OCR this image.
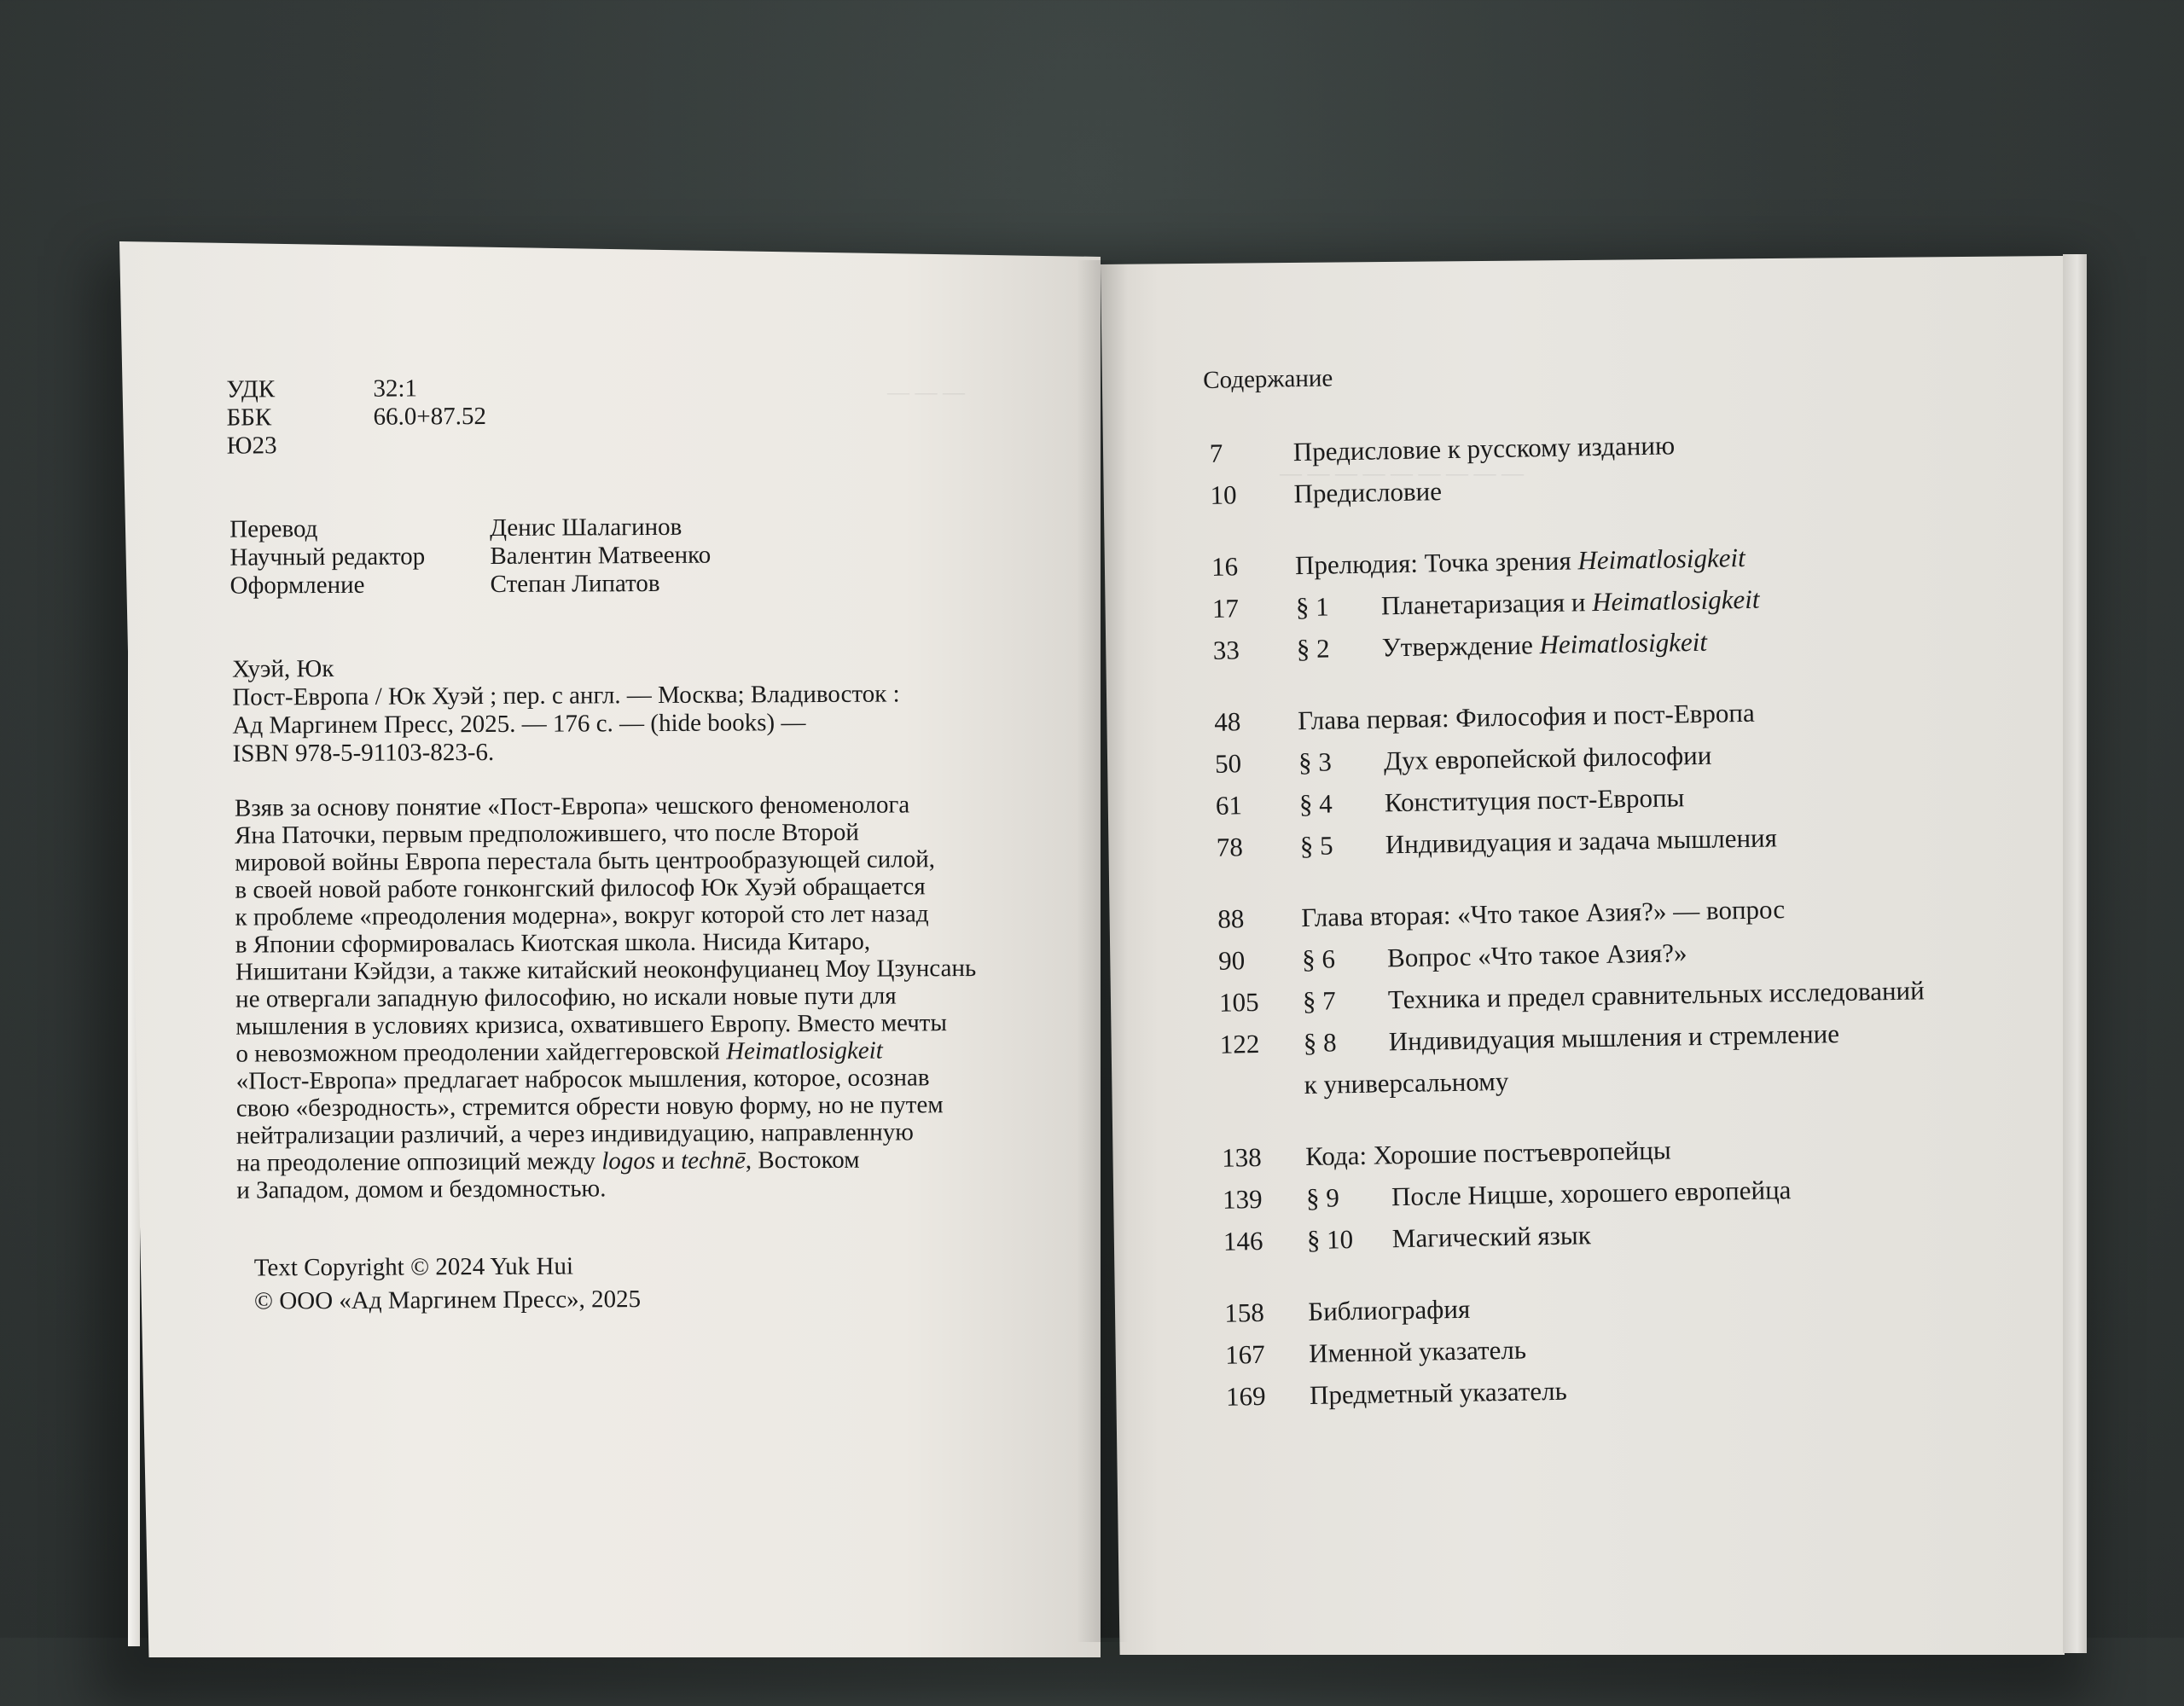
— — —
— — — — — — — — —
УДК	32:1
ББК	66.0+87.52
Ю23
Перевод	Денис Шалагинов
Научный редактор	Валентин Матвеенко
Оформление	Степан Липатов
Хуэй, Юк
Пост-Европа / Юк Хуэй ; пер. с англ. — Москва; Владивосток :
Ад Маргинем Пресс, 2025. — 176 с. — (hide books) —
ISBN 978-5-91103-823-6.
Взяв за основу понятие «Пост-Европа» чешского феноменолога
Яна Паточки, первым предположившего, что после Второй
мировой войны Европа перестала быть центрообразующей силой,
в своей новой работе гонконгский философ Юк Хуэй обращается
к проблеме «преодоления модерна», вокруг которой сто лет назад
в Японии сформировалась Киотская школа. Нисида Китаро,
Нишитани Кэйдзи, а также китайский неоконфуцианец Моу Цзунсань
не отвергали западную философию, но искали новые пути для
мышления в условиях кризиса, охватившего Европу. Вместо мечты
о невозможном преодолении хайдеггеровской Heimatlosigkeit
«Пост-Европа» предлагает набросок мышления, которое, осознав
свою «безродность», стремится обрести новую форму, но не путем
нейтрализации различий, а через индивидуацию, направленную
на преодоление оппозиций между logos и technē, Востоком
и Западом, домом и бездомностью.
Text Copyright © 2024 Yuk Hui
© ООО «Ад Маргинем Пресс», 2025
Содержание
7	Предисловие к русскому изданию
10 Предисловие
16 Прелюдия: Точка зрения Heimatlosigkeit
17 § 1 Планетаризация и Heimatlosigkeit
33 § 2 Утверждение Heimatlosigkeit
48 Глава первая: Философия и пост-Европа
50 § 3 Дух европейской философии
61 § 4 Конституция пост-Европы
78 § 5 Индивидуация и задача мышления
88 Глава вторая: «Что такое Азия?» — вопрос
90 § 6 Вопрос «Что такое Азия?»
105 § 7 Техника и предел сравнительных исследований
122 § 8 Индивидуация мышления и стремление
к универсальному
138 Кода: Хорошие постъевропейцы
139 § 9 После Ницше, хорошего европейца
146 § 10 Магический язык
158 Библиография
167 Именной указатель
169 Предметный указатель
